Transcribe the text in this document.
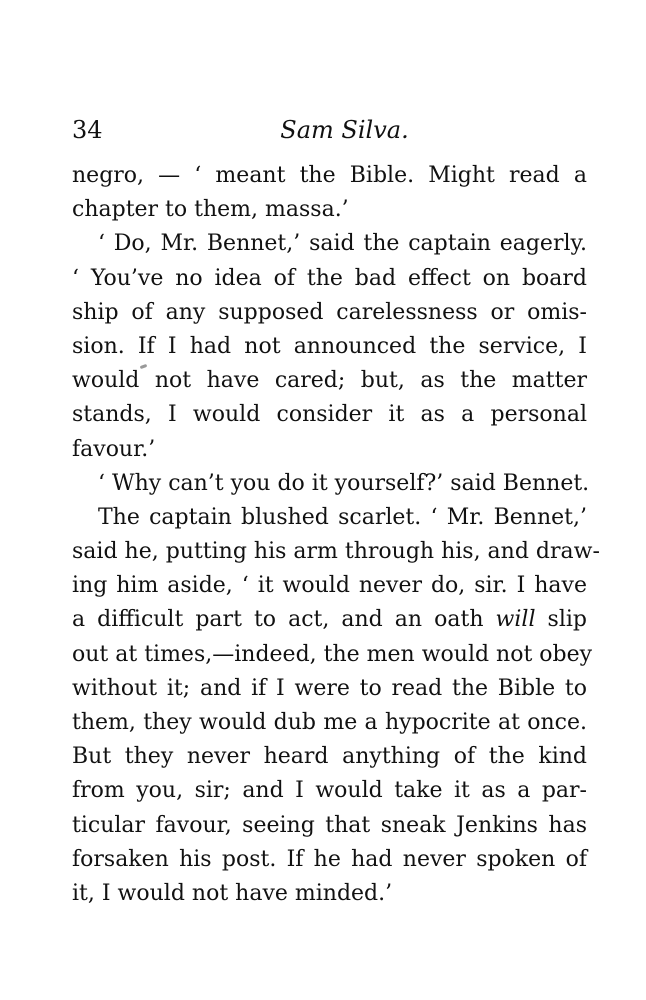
34	Sam Silva.
negro, — ‘ meant the Bible. Might read a
chapter to them, massa.’
‘ Do, Mr. Bennet,’ said the captain eagerly.
‘ You’ve no idea of the bad effect on board
ship of any supposed carelessness or omis-
sion. If I had not announced the service, I
would not have cared; but, as the matter
stands, I would consider it as a personal
favour.’
‘ Why can’t you do it yourself?’ said Bennet.
The captain blushed scarlet. ‘ Mr. Bennet,’
said he, putting his arm through his, and draw-
ing him aside, ‘ it would never do, sir. I have
a difficult part to act, and an oath will slip
out at times,—indeed, the men would not obey
without it; and if I were to read the Bible to
them, they would dub me a hypocrite at once.
But they never heard anything of the kind
from you, sir; and I would take it as a par-
ticular favour, seeing that sneak Jenkins has
forsaken his post. If he had never spoken of
it, I would not have minded.’
